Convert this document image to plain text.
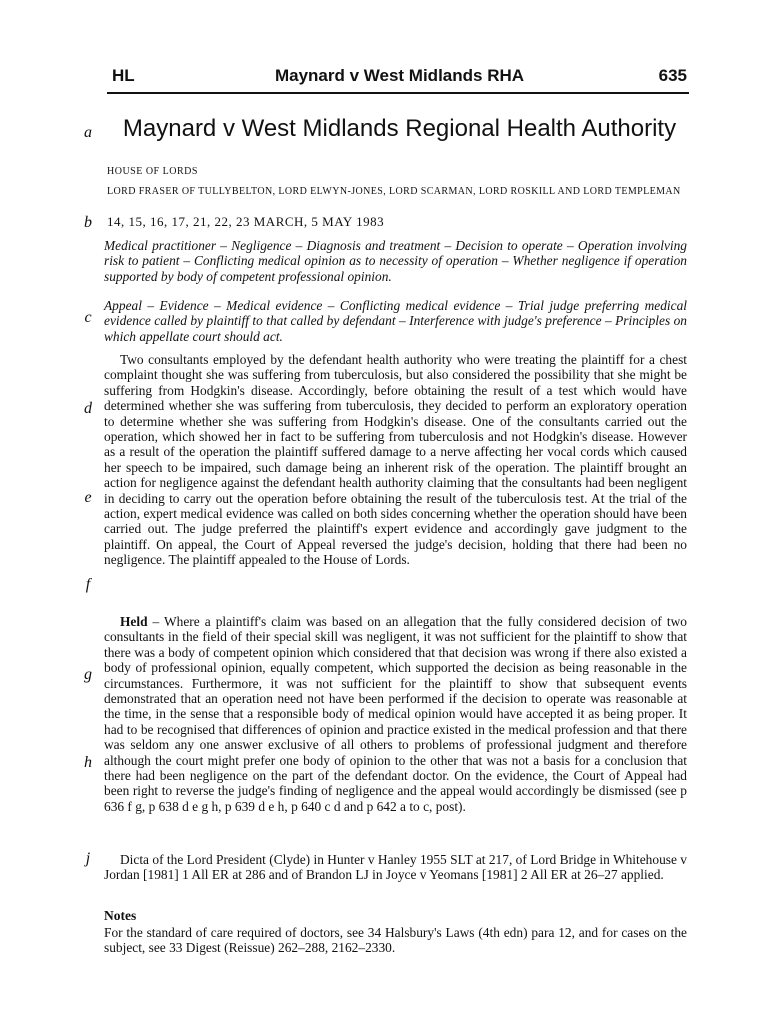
HL	Maynard v West Midlands RHA	635
Maynard v West Midlands Regional Health Authority
HOUSE OF LORDS
LORD FRASER OF TULLYBELTON, LORD ELWYN-JONES, LORD SCARMAN, LORD ROSKILL AND LORD TEMPLEMAN
14, 15, 16, 17, 21, 22, 23 MARCH, 5 MAY 1983

Medical practitioner – Negligence – Diagnosis and treatment – Decision to operate – Operation involving risk to patient – Conflicting medical opinion as to necessity of operation – Whether negligence if operation supported by body of competent professional opinion.

Appeal – Evidence – Medical evidence – Conflicting medical evidence – Trial judge preferring medical evidence called by plaintiff to that called by defendant – Interference with judge's preference – Principles on which appellate court should act.

Two consultants employed by the defendant health authority who were treating the plaintiff for a chest complaint thought she was suffering from tuberculosis, but also considered the possibility that she might be suffering from Hodgkin's disease. Accordingly, before obtaining the result of a test which would have determined whether she was suffering from tuberculosis, they decided to perform an exploratory operation to determine whether she was suffering from Hodgkin's disease. One of the consultants carried out the operation, which showed her in fact to be suffering from tuberculosis and not Hodgkin's disease. However as a result of the operation the plaintiff suffered damage to a nerve affecting her vocal cords which caused her speech to be impaired, such damage being an inherent risk of the operation. The plaintiff brought an action for negligence against the defendant health authority claiming that the consultants had been negligent in deciding to carry out the operation before obtaining the result of the tuberculosis test. At the trial of the action, expert medical evidence was called on both sides concerning whether the operation should have been carried out. The judge preferred the plaintiff's expert evidence and accordingly gave judgment to the plaintiff. On appeal, the Court of Appeal reversed the judge's decision, holding that there had been no negligence. The plaintiff appealed to the House of Lords.

Held – Where a plaintiff's claim was based on an allegation that the fully considered decision of two consultants in the field of their special skill was negligent, it was not sufficient for the plaintiff to show that there was a body of competent opinion which considered that that decision was wrong if there also existed a body of professional opinion, equally competent, which supported the decision as being reasonable in the circumstances. Furthermore, it was not sufficient for the plaintiff to show that subsequent events demonstrated that an operation need not have been performed if the decision to operate was reasonable at the time, in the sense that a responsible body of medical opinion would have accepted it as being proper. It had to be recognised that differences of opinion and practice existed in the medical profession and that there was seldom any one answer exclusive of all others to problems of professional judgment and therefore although the court might prefer one body of opinion to the other that was not a basis for a conclusion that there had been negligence on the part of the defendant doctor. On the evidence, the Court of Appeal had been right to reverse the judge's finding of negligence and the appeal would accordingly be dismissed (see p 636 f g, p 638 d e g h, p 639 d e h, p 640 c d and p 642 a to c, post).

Dicta of the Lord President (Clyde) in Hunter v Hanley 1955 SLT at 217, of Lord Bridge in Whitehouse v Jordan [1981] 1 All ER at 286 and of Brandon LJ in Joyce v Yeomans [1981] 2 All ER at 26–27 applied.

Notes

For the standard of care required of doctors, see 34 Halsbury's Laws (4th edn) para 12, and for cases on the subject, see 33 Digest (Reissue) 262–288, 2162–2330.

a
b
c
d
e
f
g
h
j
